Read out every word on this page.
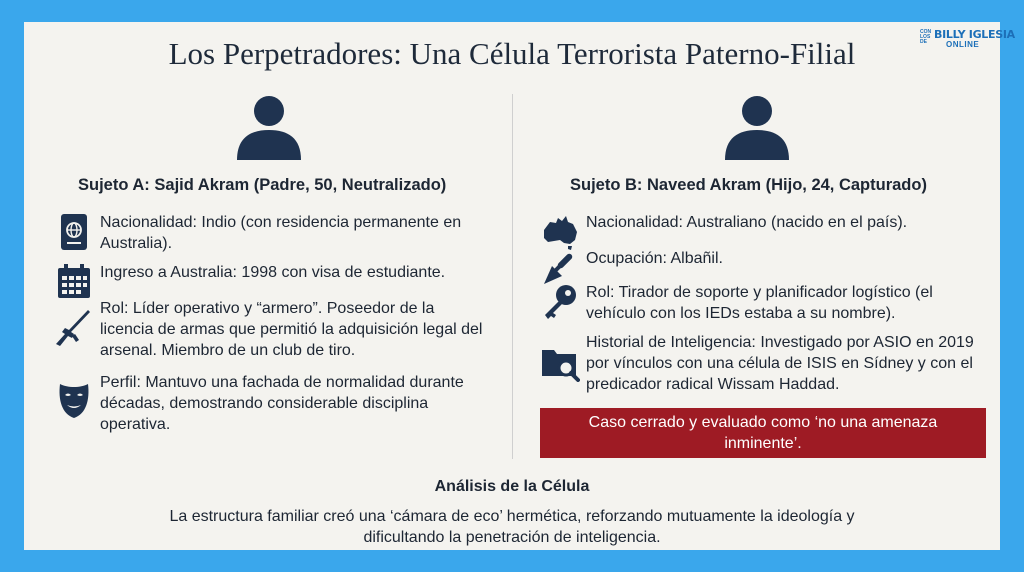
Los Perpetradores: Una Célula Terrorista Paterno-Filial
CON LOS DE
BILLY IGLESIA
ONLINE
Sujeto A: Sajid Akram (Padre, 50, Neutralizado)
Nacionalidad: Indio (con residencia permanente en Australia).
Ingreso a Australia: 1998 con visa de estudiante.
Rol: Líder operativo y “armero”. Poseedor de la licencia de armas que permitió la adquisición legal del arsenal. Miembro de un club de tiro.
Perfil: Mantuvo una fachada de normalidad durante décadas, demostrando considerable disciplina operativa.
Sujeto B: Naveed Akram (Hijo, 24, Capturado)
Nacionalidad: Australiano (nacido en el país).
Ocupación: Albañil.
Rol: Tirador de soporte y planificador logístico (el vehículo con los IEDs estaba a su nombre).
Historial de Inteligencia: Investigado por ASIO en 2019 por vínculos con una célula de ISIS en Sídney y con el predicador radical Wissam Haddad.
Caso cerrado y evaluado como ‘no una amenaza inminente’.
Análisis de la Célula
La estructura familiar creó una ‘cámara de eco’ hermética, reforzando mutuamente la ideología y dificultando la penetración de inteligencia.
